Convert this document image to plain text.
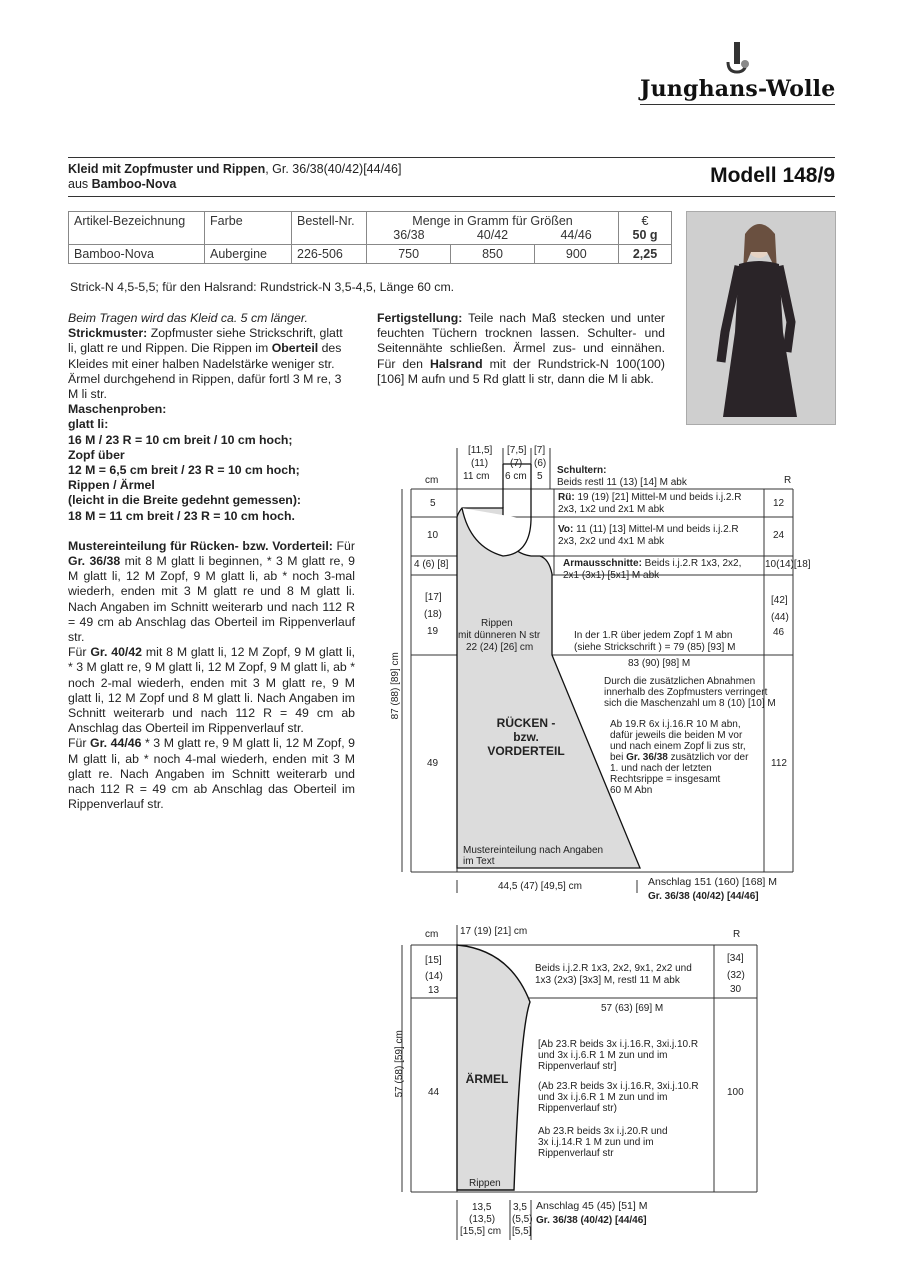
Junghans-Wolle
Kleid mit Zopfmuster und Rippen, Gr. 36/38(40/42)[44/46]
aus Bamboo-Nova	Modell 148/9
Artikel-Bezeichnung	Farbe	Bestell-Nr.	Menge in Gramm für Größen			€
			36/38	40/42	44/46	50 g
Bamboo-Nova	Aubergine	226-506	750	850	900	2,25
Strick-N 4,5-5,5; für den Halsrand: Rundstrick-N 3,5-4,5, Länge 60 cm.

Beim Tragen wird das Kleid ca. 5 cm länger.

Strickmuster: Zopfmuster siehe Strickschrift, glatt li, glatt re und Rippen. Die Rippen im Oberteil des Kleides mit einer halben Nadelstärke weniger str.

Ärmel durchgehend in Rippen, dafür fortl 3 M re, 3 M li str.

Maschenproben:

glatt li:

16 M / 23 R = 10 cm breit / 10 cm hoch;

Zopf über

12 M = 6,5 cm breit / 23 R = 10 cm hoch;

Rippen / Ärmel

(leicht in die Breite gedehnt gemessen):

18 M = 11 cm breit / 23 R = 10 cm hoch.

Mustereinteilung für Rücken- bzw. Vorderteil: Für Gr. 36/38 mit 8 M glatt li beginnen, * 3 M glatt re, 9 M glatt li, 12 M Zopf, 9 M glatt li, ab * noch 3-mal wiederh, enden mit 3 M glatt re und 8 M glatt li. Nach Angaben im Schnitt weiterarb und nach 112 R = 49 cm ab Anschlag das Oberteil im Rippenverlauf str.

Für Gr. 40/42 mit 8 M glatt li, 12 M Zopf, 9 M glatt li, * 3 M glatt re, 9 M glatt li, 12 M Zopf, 9 M glatt li, ab * noch 2-mal wiederh, enden mit 3 M glatt re, 9 M glatt li, 12 M Zopf und 8 M glatt li. Nach Angaben im Schnitt weiterarb und nach 112 R = 49 cm ab Anschlag das Oberteil im Rippenverlauf str.

Für Gr. 44/46 * 3 M glatt re, 9 M glatt li, 12 M Zopf, 9 M glatt li, ab * noch 4-mal wiederh, enden mit 3 M glatt re. Nach Angaben im Schnitt weiterarb und nach 112 R = 49 cm ab Anschlag das Oberteil im Rippenverlauf str.

Fertigstellung: Teile nach Maß stecken und unter feuchten Tüchern trocknen lassen. Schulter- und Seitennähte schließen. Ärmel zus- und einnähen. Für den Halsrand mit der Rundstrick-N 100(100)[106] M aufn und 5 Rd glatt li str, dann die M li abk.

cm	R
[11,5]
(11)
11 cm
[7,5]
(7)
6 cm
[7]
(6)
5
Schultern:
Beids restl 11 (13) [14] M abk
Rü: 19 (19) [21] Mittel-M und beids i.j.2.R
2x3, 1x2 und 2x1 M abk
Vo: 11 (11) [13] Mittel-M und beids i.j.2.R
2x3, 2x2 und 4x1 M abk
Armausschnitte: Beids i.j.2.R 1x3, 2x2,
2x1 (3x1) [5x1] M abk
5
10
4 (6) [8]
[17]
(18)
19
49
12
24
10(14)[18]
[42]
(44)
46
112
87 (88) [89] cm
Rippen
mit dünneren N str
22 (24) [26] cm
In der 1.R über jedem Zopf 1 M abn
(siehe Strickschrift ) = 79 (85) [93] M
83 (90) [98] M
Durch die zusätzlichen Abnahmen
innerhalb des Zopfmusters verringert
sich die Maschenzahl um 8 (10) [10] M
Ab 19.R 6x i.j.16.R 10 M abn,
dafür jeweils die beiden M vor
und nach einem Zopf li zus str,
bei Gr. 36/38 zusätzlich vor der
1. und nach der letzten
Rechtsrippe = insgesamt
60 M Abn
RÜCKEN -
bzw.
VORDERTEIL
Mustereinteilung nach Angaben
im Text
44,5 (47) [49,5] cm	Anschlag 151 (160) [168] M
Gr. 36/38 (40/42) [44/46]
cm	R
17 (19) [21] cm
[15]
(14)
13
44
[34]
(32)
30
100
57 (58) [59] cm
Beids i.j.2.R 1x3, 2x2, 9x1, 2x2 und
1x3 (2x3) [3x3] M, restl 11 M abk
57 (63) [69] M
[Ab 23.R beids 3x i.j.16.R, 3xi.j.10.R
und 3x i.j.6.R 1 M zun und im
Rippenverlauf str]
(Ab 23.R beids 3x i.j.16.R, 3xi.j.10.R
und 3x i.j.6.R 1 M zun und im
Rippenverlauf str)
Ab 23.R beids 3x i.j.20.R und
3x i.j.14.R 1 M zun und im
Rippenverlauf str
ÄRMEL
Rippen
13,5
(13,5)
[15,5] cm
3,5
(5,5)
[5,5]
Anschlag 45 (45) [51] M
Gr. 36/38 (40/42) [44/46]
